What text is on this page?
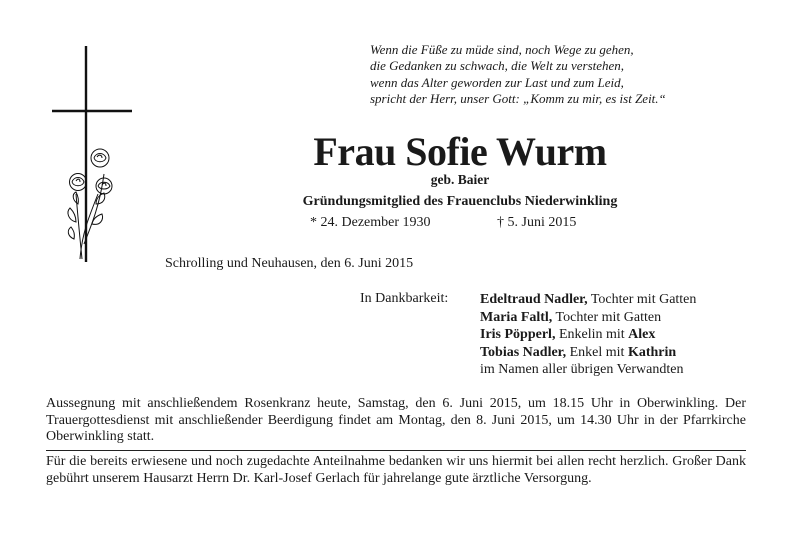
Wenn die Füße zu müde sind, noch Wege zu gehen,
die Gedanken zu schwach, die Welt zu verstehen,
wenn das Alter geworden zur Last und zum Leid,
spricht der Herr, unser Gott: „Komm zu mir, es ist Zeit.“
Frau Sofie Wurm
geb. Baier
Gründungsmitglied des Frauenclubs Niederwinkling
* 24. Dezember 1930	† 5. Juni 2015
Schrolling und Neuhausen, den 6. Juni 2015
In Dankbarkeit: Edeltraud Nadler, Tochter mit Gatten
Maria Faltl, Tochter mit Gatten
Iris Pöpperl, Enkelin mit Alex
Tobias Nadler, Enkel mit Kathrin
im Namen aller übrigen Verwandten
Aussegnung mit anschließendem Rosenkranz heute, Samstag, den 6. Juni 2015, um 18.15 Uhr in Oberwinkling. Der Trauergottesdienst mit anschließender Beerdigung findet am Montag, den 8. Juni 2015, um 14.30 Uhr in der Pfarrkirche Oberwinkling statt.
Für die bereits erwiesene und noch zugedachte Anteilnahme bedanken wir uns hiermit bei allen recht herzlich. Großer Dank gebührt unserem Hausarzt Herrn Dr. Karl-Josef Gerlach für jahrelange gute ärztliche Versorgung.
